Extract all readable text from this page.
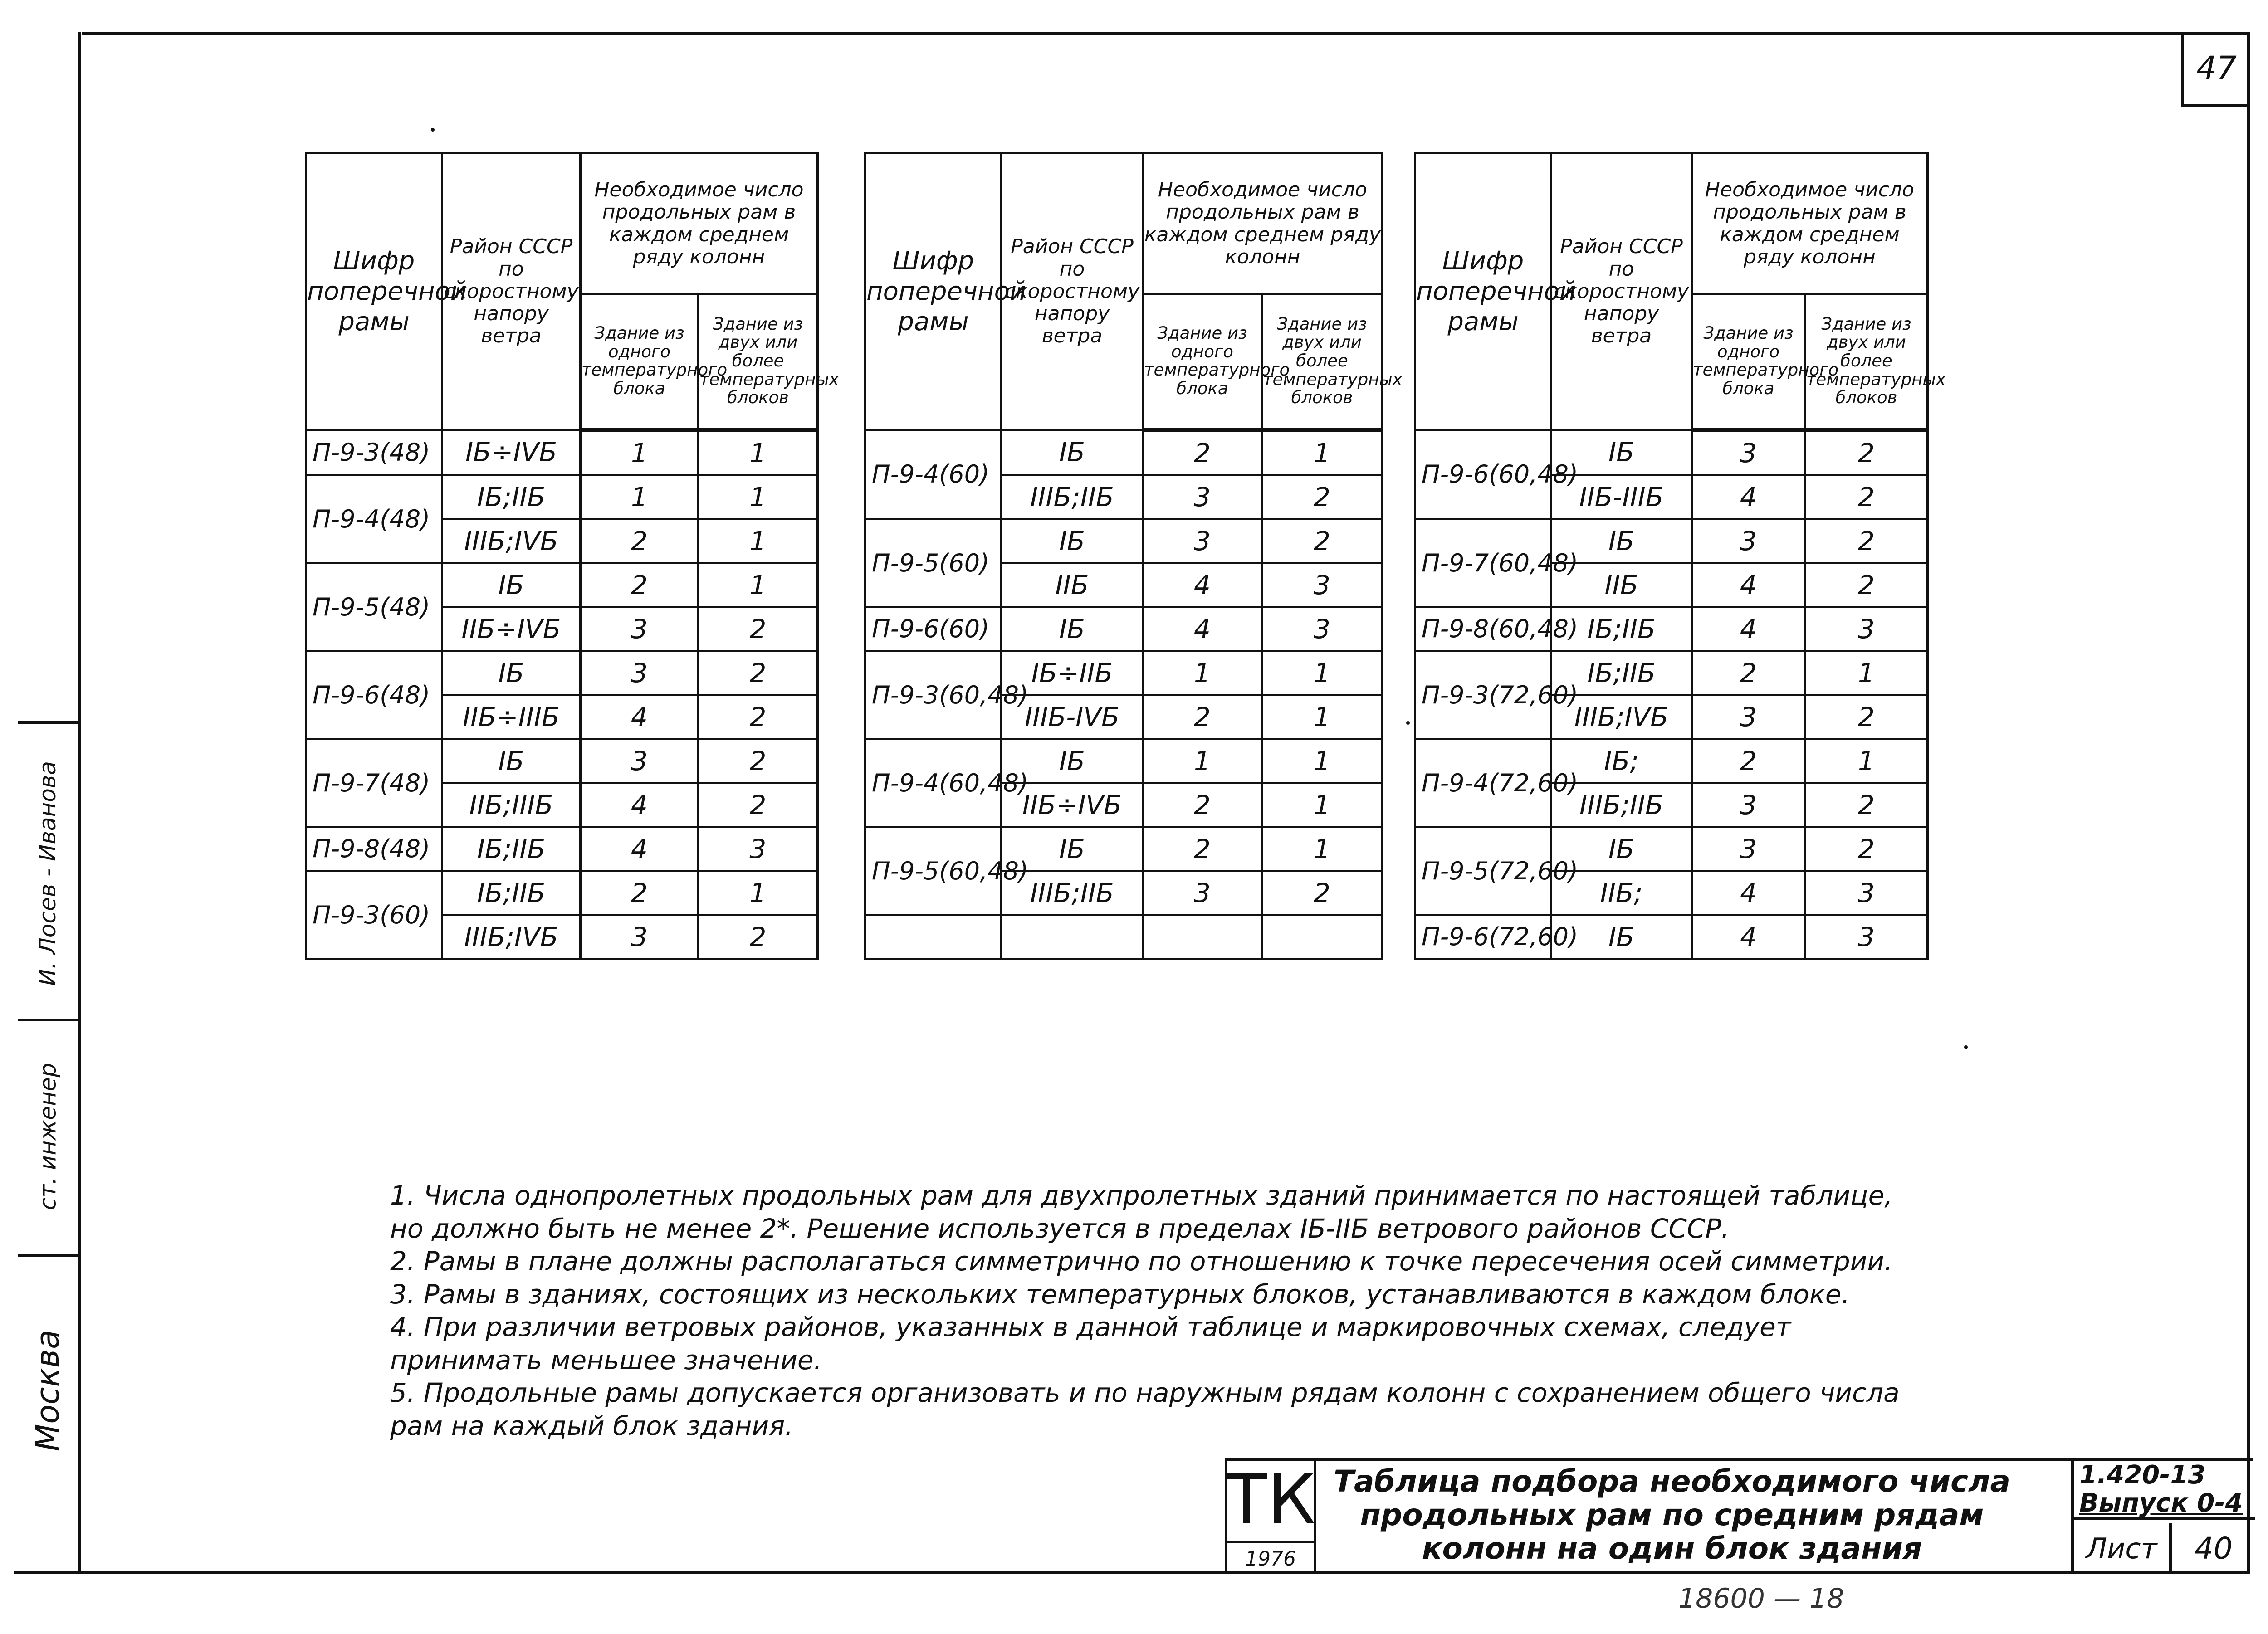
47
И. Лосев - Иванова
ст. инженер
Москва
Шифр поперечной рамы	Район СССР по скоростному напору ветра	Необходимое число продольных рам в каждом среднем ряду колонн	
		Здание из одного температурного блока	Здание из двух или более температурных блоков
П-9-3(48)	IБ÷IVБ	1	1
П-9-4(48)	IБ;IIБ	1	1
	IIIБ;IVБ	2	1
П-9-5(48)	IБ	2	1
	IIБ÷IVБ	3	2
П-9-6(48)	IБ	3	2
	IIБ÷IIIБ	4	2
П-9-7(48)	IБ	3	2
	IIБ;IIIБ	4	2
П-9-8(48)	IБ;IIБ	4	3
П-9-3(60)	IБ;IIБ	2	1
	IIIБ;IVБ	3	2
Шифр поперечной рамы	Район СССР по скоростному напору ветра	Необходимое число продольных рам в каждом среднем ряду колонн	
		Здание из одного температурного блока	Здание из двух или более температурных блоков
П-9-4(60)	IБ	2	1
	IIIБ;IIБ	3	2
П-9-5(60)	IБ	3	2
	IIБ	4	3
П-9-6(60)	IБ	4	3
П-9-3(60,48)	IБ÷IIБ	1	1
	IIIБ-IVБ	2	1
П-9-4(60,48)	IБ	1	1
	IIБ÷IVБ	2	1
П-9-5(60,48)	IБ	2	1
	IIIБ;IIБ	3	2

Шифр поперечной рамы	Район СССР по скоростному напору ветра	Необходимое число продольных рам в каждом среднем ряду колонн	
		Здание из одного температурного блока	Здание из двух или более температурных блоков
П-9-6(60,48)	IБ	3	2
	IIБ-IIIБ	4	2
П-9-7(60,48)	IБ	3	2
	IIБ	4	2
П-9-8(60,48)	IБ;IIБ	4	3
П-9-3(72,60)	IБ;IIБ	2	1
	IIIБ;IVБ	3	2
П-9-4(72,60)	IБ;	2	1
	IIIБ;IIБ	3	2
П-9-5(72,60)	IБ	3	2
	IIБ;	4	3
П-9-6(72,60)	IБ	4	3

1. Числа однопролетных продольных рам для двухпролетных зданий принимается по настоящей таблице, но должно быть не менее 2*. Решение используется в пределах IБ-IIБ ветрового районов СССР.

2. Рамы в плане должны располагаться симметрично по отношению к точке пересечения осей симметрии.

3. Рамы в зданиях, состоящих из нескольких температурных блоков, устанавливаются в каждом блоке.

4. При различии ветровых районов, указанных в данной таблице и маркировочных схемах, следует принимать меньшее значение.

5. Продольные рамы допускается организовать и по наружным рядам колонн с сохранением общего числа рам на каждый блок здания.

ТК
1976
Таблица подбора необходимого числа продольных рам по средним рядам колонн на один блок здания
1.420-13
Выпуск 0-4
Лист	40
18600 — 18
